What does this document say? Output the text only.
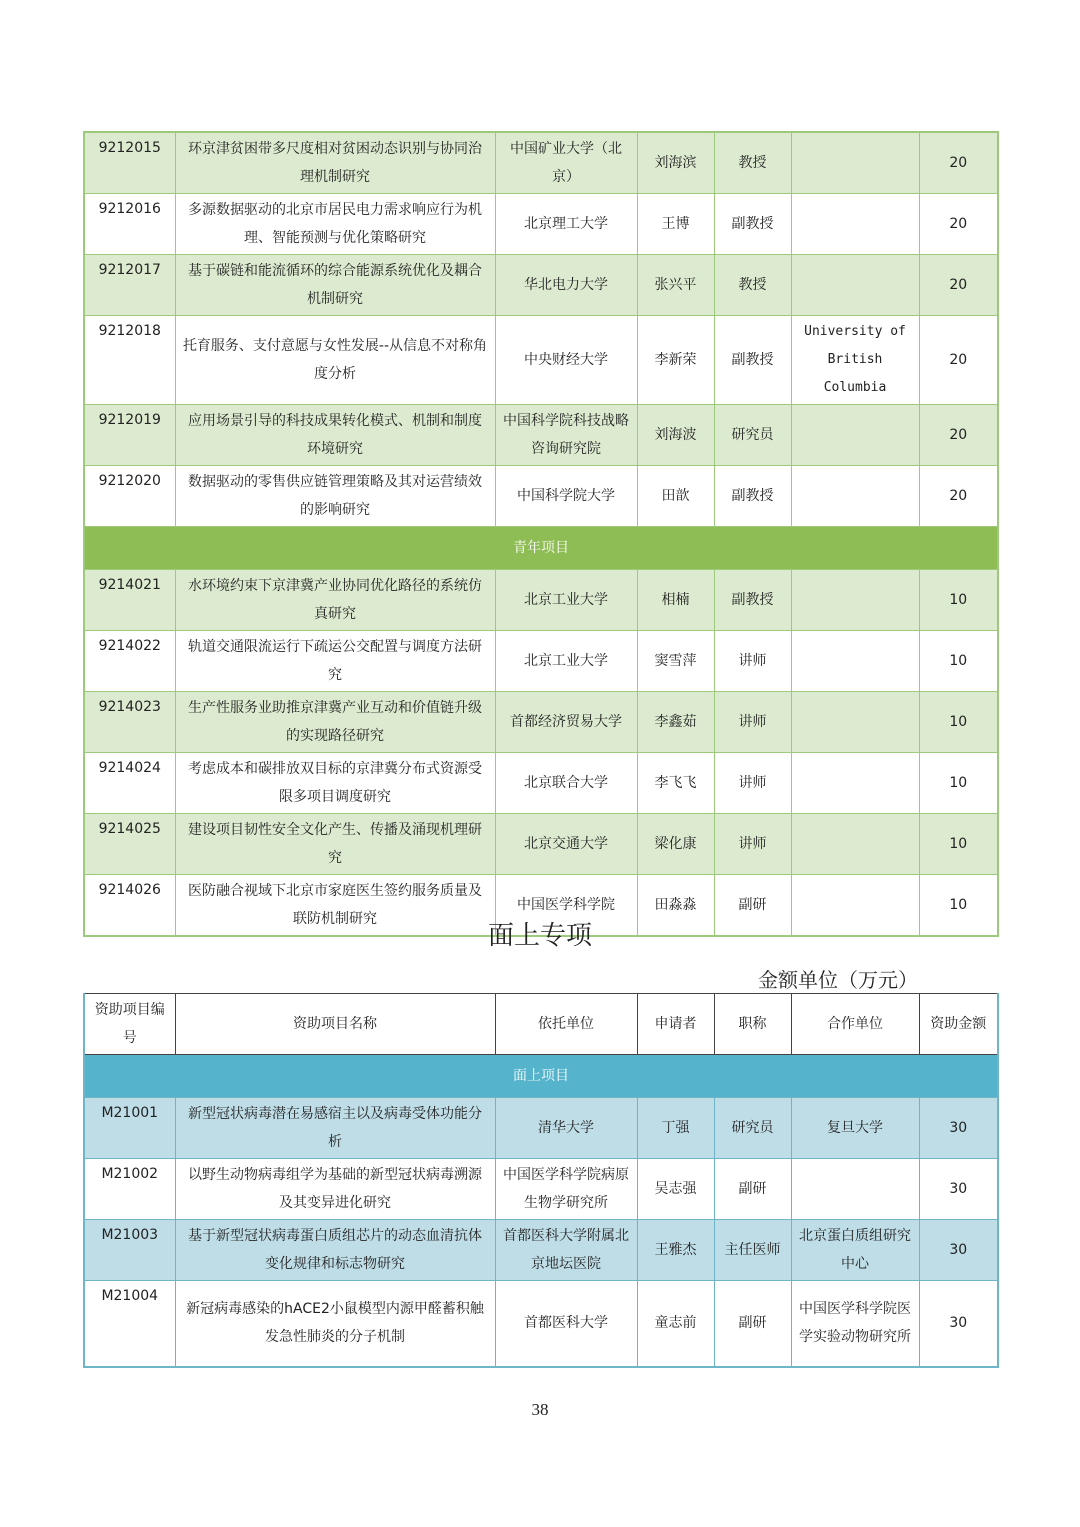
9212015	环京津贫困带多尺度相对贫困动态识别与协同治理机制研究	中国矿业大学（北京）	刘海滨	教授		20
9212016	多源数据驱动的北京市居民电力需求响应行为机理、智能预测与优化策略研究	北京理工大学	王博	副教授		20
9212017	基于碳链和能流循环的综合能源系统优化及耦合机制研究	华北电力大学	张兴平	教授		20
9212018	托育服务、支付意愿与女性发展--从信息不对称角度分析	中央财经大学	李新荣	副教授	University of British Columbia	20
9212019	应用场景引导的科技成果转化模式、机制和制度环境研究	中国科学院科技战略咨询研究院	刘海波	研究员		20
9212020	数据驱动的零售供应链管理策略及其对运营绩效的影响研究	中国科学院大学	田歆	副教授		20
青年项目						
9214021	水环境约束下京津冀产业协同优化路径的系统仿真研究	北京工业大学	相楠	副教授		10
9214022	轨道交通限流运行下疏运公交配置与调度方法研究	北京工业大学	窦雪萍	讲师		10
9214023	生产性服务业助推京津冀产业互动和价值链升级的实现路径研究	首都经济贸易大学	李鑫茹	讲师		10
9214024	考虑成本和碳排放双目标的京津冀分布式资源受限多项目调度研究	北京联合大学	李飞飞	讲师		10
9214025	建设项目韧性安全文化产生、传播及涌现机理研究	北京交通大学	梁化康	讲师		10
9214026	医防融合视域下北京市家庭医生签约服务质量及联防机制研究	中国医学科学院	田淼淼	副研		10
面上专项
金额单位（万元）
资助项目编号	资助项目名称	依托单位	申请者	职称	合作单位	资助金额
面上项目						
M21001	新型冠状病毒潜在易感宿主以及病毒受体功能分析	清华大学	丁强	研究员	复旦大学	30
M21002	以野生动物病毒组学为基础的新型冠状病毒溯源及其变异进化研究	中国医学科学院病原生物学研究所	吴志强	副研		30
M21003	基于新型冠状病毒蛋白质组芯片的动态血清抗体变化规律和标志物研究	首都医科大学附属北京地坛医院	王雅杰	主任医师	北京蛋白质组研究中心	30
M21004	新冠病毒感染的hACE2小鼠模型内源甲醛蓄积触发急性肺炎的分子机制	首都医科大学	童志前	副研	中国医学科学院医学实验动物研究所	30
38
